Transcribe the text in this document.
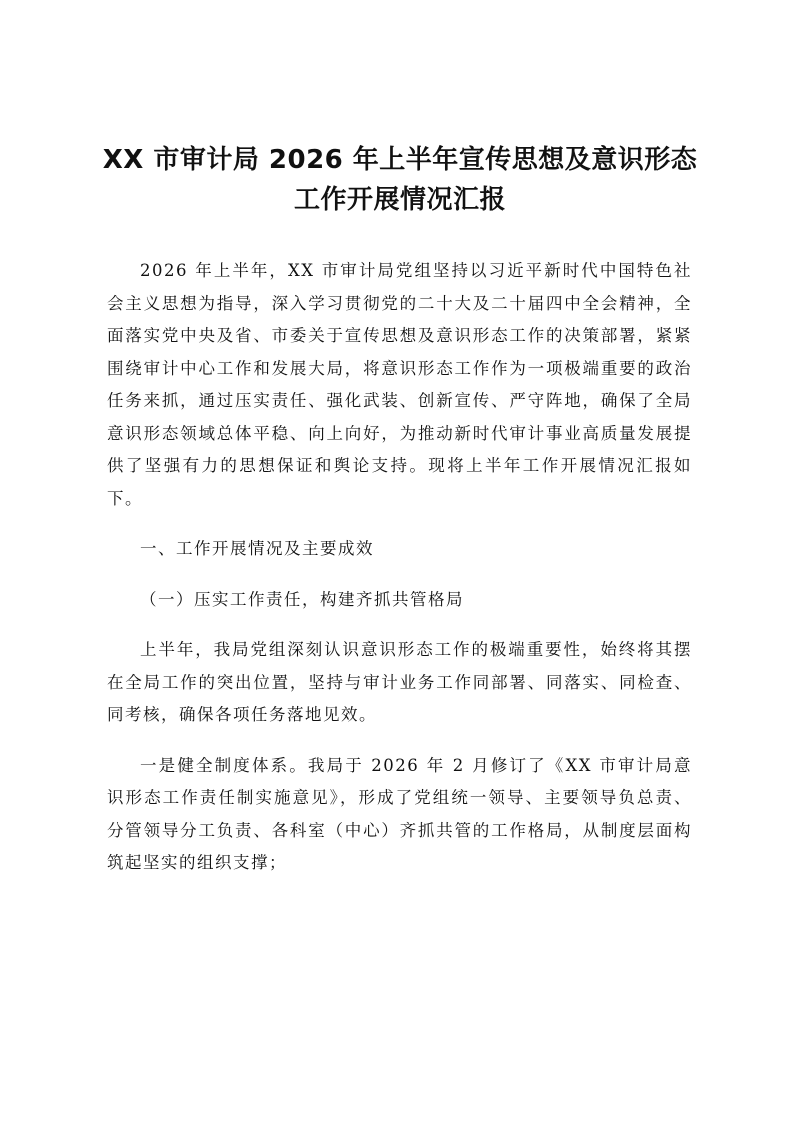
XX 市审计局 2026 年上半年宣传思想及意识形态工作开展情况汇报

2026 年上半年，XX 市审计局党组坚持以习近平新时代中国特色社会主义思想为指导，深入学习贯彻党的二十大及二十届四中全会精神，全面落实党中央及省、市委关于宣传思想及意识形态工作的决策部署，紧紧围绕审计中心工作和发展大局，将意识形态工作作为一项极端重要的政治任务来抓，通过压实责任、强化武装、创新宣传、严守阵地，确保了全局意识形态领域总体平稳、向上向好，为推动新时代审计事业高质量发展提供了坚强有力的思想保证和舆论支持。现将上半年工作开展情况汇报如下。

一、工作开展情况及主要成效

（一）压实工作责任，构建齐抓共管格局

上半年，我局党组深刻认识意识形态工作的极端重要性，始终将其摆在全局工作的突出位置，坚持与审计业务工作同部署、同落实、同检查、同考核，确保各项任务落地见效。

一是健全制度体系。我局于 2026 年 2 月修订了《XX 市审计局意识形态工作责任制实施意见》，形成了党组统一领导、主要领导负总责、分管领导分工负责、各科室（中心）齐抓共管的工作格局，从制度层面构筑起坚实的组织支撑；
